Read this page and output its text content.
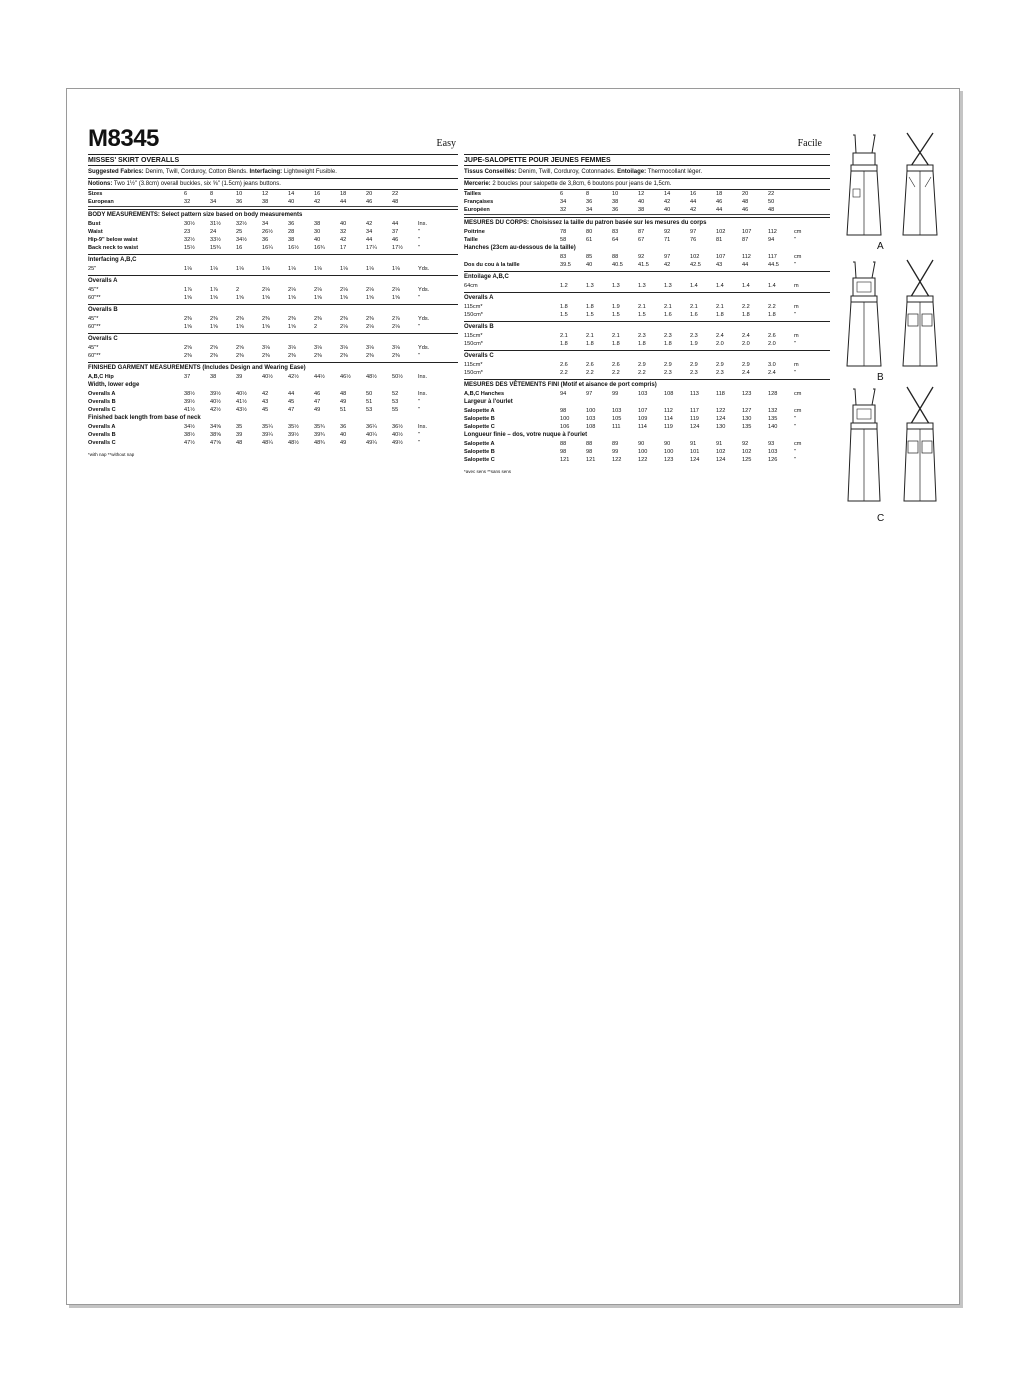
M8345	Easy
MISSES' SKIRT OVERALLS

Suggested Fabrics: Denim, Twill, Corduroy, Cotton Blends. Interfacing: Lightweight Fusible.

Notions: Two 1½" (3.8cm) overall buckles, six ⅝" (1.5cm) jeans buttons.

Sizes	6	8	10	12	14	16	18	20	22
European	32	34	36	38	40	42	44	46	48
BODY MEASUREMENTS: Select pattern size based on body measurements
Bust	30½	31½	32½	34	36	38	40	42	44	Ins.
Waist	23	24	25	26½	28	30	32	34	37	"
Hip-9" below waist	32½	33½	34½	36	38	40	42	44	46	"
Back neck to waist	15½	15¾	16	16¼	16½	16¾	17	17¼	17½	"
Interfacing A,B,C
25"	1⅛	1⅛	1⅛	1⅛	1⅛	1⅛	1⅛	1⅛	1⅛	Yds.
Overalls A
45"*	1⅞	1⅞	2	2⅛	2⅛	2⅛	2⅛	2⅛	2⅛	Yds.
60"**	1⅝	1⅝	1⅝	1⅝	1⅝	1⅝	1⅝	1⅝	1⅝	"
Overalls B
45"*	2⅜	2⅜	2⅜	2⅜	2⅜	2⅜	2⅜	2⅜	2⅞	Yds.
60"**	1⅝	1⅝	1⅝	1⅝	1⅝	2	2⅛	2⅛	2⅛	"
Overalls C
45"*	2⅝	2⅝	2⅝	3⅛	3⅛	3⅛	3⅛	3⅛	3⅛	Yds.
60"**	2⅜	2⅜	2⅜	2⅜	2⅜	2⅜	2⅜	2⅜	2⅜	"
FINISHED GARMENT MEASUREMENTS (Includes Design and Wearing Ease)
A,B,C Hip	37	38	39	40½	42½	44½	46½	48½	50½	Ins.
Width, lower edge
Overalls A	38½	39½	40½	42	44	46	48	50	52	Ins.
Overalls B	39½	40½	41½	43	45	47	49	51	53	"
Overalls C	41½	42½	43½	45	47	49	51	53	55	"
Finished back length from base of neck
Overalls A	34½	34⅝	35	35¼	35½	35¾	36	36¼	36½	Ins.
Overalls B	38½	38⅝	39	39¼	39½	39¾	40	40¼	40½	"
Overalls C	47½	47⅝	48	48¼	48½	48¾	49	49¼	49½	"
*with nap **without nap
Facile
JUPE-SALOPETTE POUR JEUNES FEMMES

Tissus Conseillés: Denim, Twill, Corduroy, Cotonnades. Entoilage: Thermocollant léger.

Mercerie: 2 boucles pour salopette de 3,8cm, 6 boutons pour jeans de 1,5cm.

Tailles	6	8	10	12	14	16	18	20	22
Françaises	34	36	38	40	42	44	46	48	50
Européen	32	34	36	38	40	42	44	46	48
MESURES DU CORPS: Choisissez la taille du patron basée sur les mesures du corps
Poitrine	78	80	83	87	92	97	102	107	112	cm
Taille	58	61	64	67	71	76	81	87	94	"
Hanches (23cm au-dessous de la taille)
83	85	88	92	97	102	107	112	117	cm
Dos du cou à la taille	39.5	40	40.5	41.5	42	42.5	43	44	44.5	"
Entoilage A,B,C
64cm	1.2	1.3	1.3	1.3	1.3	1.4	1.4	1.4	1.4	m
Overalls A
115cm*	1.8	1.8	1.9	2.1	2.1	2.1	2.1	2.2	2.2	m
150cm*	1.5	1.5	1.5	1.5	1.6	1.6	1.8	1.8	1.8	"
Overalls B
115cm*	2.1	2.1	2.1	2.3	2.3	2.3	2.4	2.4	2.6	m
150cm*	1.8	1.8	1.8	1.8	1.8	1.9	2.0	2.0	2.0	"
Overalls C
115cm*	2.6	2.6	2.6	2.9	2.9	2.9	2.9	2.9	3.0	m
150cm*	2.2	2.2	2.2	2.2	2.3	2.3	2.3	2.4	2.4	"
MESURES DES VÊTEMENTS FINI (Motif et aisance de port compris)
A,B,C Hanches	94	97	99	103	108	113	118	123	128	cm
Largeur à l'ourlet
Salopette A	98	100	103	107	112	117	122	127	132	cm
Salopette B	100	103	105	109	114	119	124	130	135	"
Salopette C	106	108	111	114	119	124	130	135	140	"
Longueur finie – dos, votre nuque à l'ourlet
Salopette A	88	88	89	90	90	91	91	92	93	cm
Salopette B	98	98	99	100	100	101	102	102	103	"
Salopette C	121	121	122	122	123	124	124	125	126	"
*avec sens **sans sens
A
B
C
